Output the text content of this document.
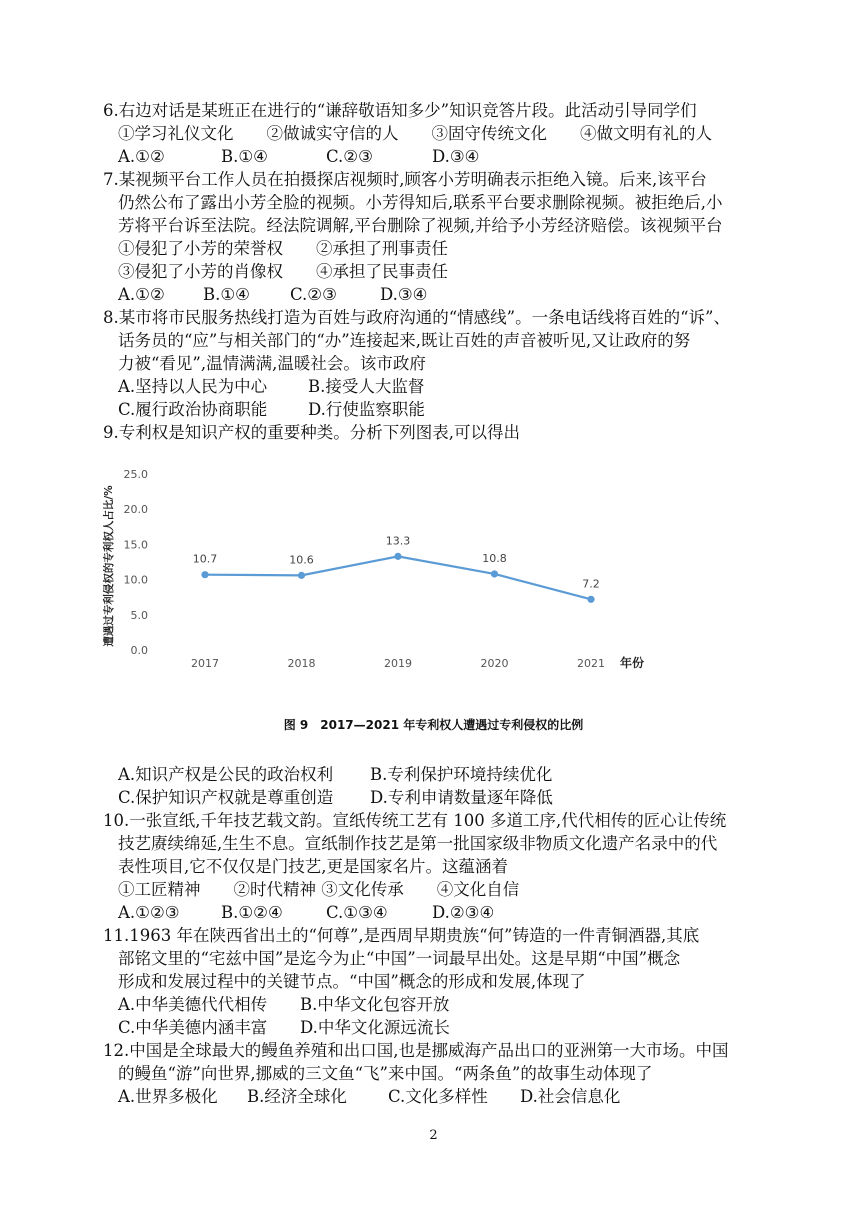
6.右边对话是某班正在进行的“谦辞敬语知多少”知识竞答片段。此活动引导同学们
①学习礼仪文化　　②做诚实守信的人　　③固守传统文化　　④做文明有礼的人
A.①②	B.①④	C.②③	D.③④
7.某视频平台工作人员在拍摄探店视频时,顾客小芳明确表示拒绝入镜。后来,该平台
仍然公布了露出小芳全脸的视频。小芳得知后,联系平台要求删除视频。被拒绝后,小
芳将平台诉至法院。经法院调解,平台删除了视频,并给予小芳经济赔偿。该视频平台
①侵犯了小芳的荣誉权　　②承担了刑事责任
③侵犯了小芳的肖像权　　④承担了民事责任
A.①② B.①④ C.②③	D.③④
8.某市将市民服务热线打造为百姓与政府沟通的“情感线”。一条电话线将百姓的“诉”、
话务员的“应”与相关部门的“办”连接起来,既让百姓的声音被听见,又让政府的努
力被“看见”,温情满满,温暖社会。该市政府
A.坚持以人民为中心 B.接受人大监督
C.履行政治协商职能 D.行使监察职能
9.专利权是知识产权的重要种类。分析下列图表,可以得出
0.0
5.0
10.0
15.0
20.0
25.0
2017	2018	2019	2020	2021
10.7	10.6
13.3
10.8
7.2
遭遇过专利侵权的专利权人占比/%
年份
图 9　2017—2021 年专利权人遭遇过专利侵权的比例
A.知识产权是公民的政治权利 B.专利保护环境持续优化
C.保护知识产权就是尊重创造 D.专利申请数量逐年降低
10.一张宣纸,千年技艺载文韵。宣纸传统工艺有 100 多道工序,代代相传的匠心让传统
技艺赓续绵延,生生不息。宣纸制作技艺是第一批国家级非物质文化遗产名录中的代
表性项目,它不仅仅是门技艺,更是国家名片。这蕴涵着
①工匠精神　　②时代精神 ③文化传承　　④文化自信
A.①②③	B.①②④	C.①③④	D.②③④
11.1963 年在陕西省出土的“何尊”,是西周早期贵族“何”铸造的一件青铜酒器,其底
部铭文里的“宅兹中国”是迄今为止“中国”一词最早出处。这是早期“中国”概念
形成和发展过程中的关键节点。“中国”概念的形成和发展,体现了
A.中华美德代代相传 B.中华文化包容开放
C.中华美德内涵丰富 D.中华文化源远流长
12.中国是全球最大的鳗鱼养殖和出口国,也是挪威海产品出口的亚洲第一大市场。中国
的鳗鱼“游”向世界,挪威的三文鱼“飞”来中国。“两条鱼”的故事生动体现了
A.世界多极化 B.经济全球化 C.文化多样性 D.社会信息化
2
